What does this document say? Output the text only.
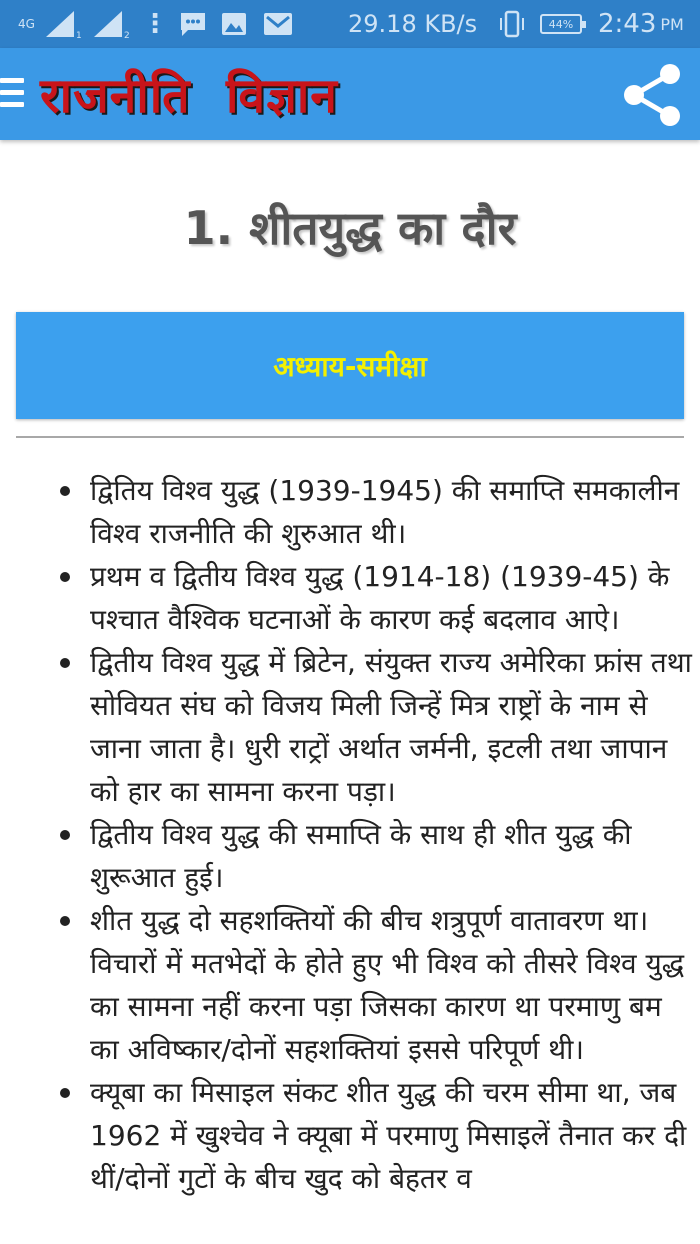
4G
1	2 ⋮	29.18 KB/s	44% 2:43 PM
राजनीति  विज्ञान
1. शीतयुद्ध का दौर
अध्याय-समीक्षा
द्वितिय विश्व युद्ध (1939-1945) की समाप्ति समकालीन विश्व राजनीति की शुरुआत थी।
प्रथम व द्वितीय विश्व युद्ध (1914-18) (1939-45) के पश्चात वैश्विक घटनाओं के कारण कई बदलाव आऐ।
द्वितीय विश्व युद्ध में ब्रिटेन, संयुक्त राज्य अमेरिका फ्रांस तथा सोवियत संघ को विजय मिली जिन्हें मित्र राष्ट्रों के नाम से जाना जाता है। धुरी राट्रों अर्थात जर्मनी, इटली तथा जापान को हार का सामना करना पड़ा।
द्वितीय विश्व युद्ध की समाप्ति के साथ ही शीत युद्ध की शुरूआत हुई।
शीत युद्ध दो सहशक्तियों की बीच शत्रुपूर्ण वातावरण था। विचारों में मतभेदों के होते हुए भी विश्व को तीसरे विश्व युद्ध का सामना नहीं करना पड़ा जिसका कारण था परमाणु बम का अविष्कार/दोनों सहशक्तियां इससे परिपूर्ण थी।
क्यूबा का मिसाइल संकट शीत युद्ध की चरम सीमा था, जब 1962 में खुश्चेव ने क्यूबा में परमाणु मिसाइलें तैनात कर दी थीं/दोनों गुटों के बीच खुद को बेहतर व
